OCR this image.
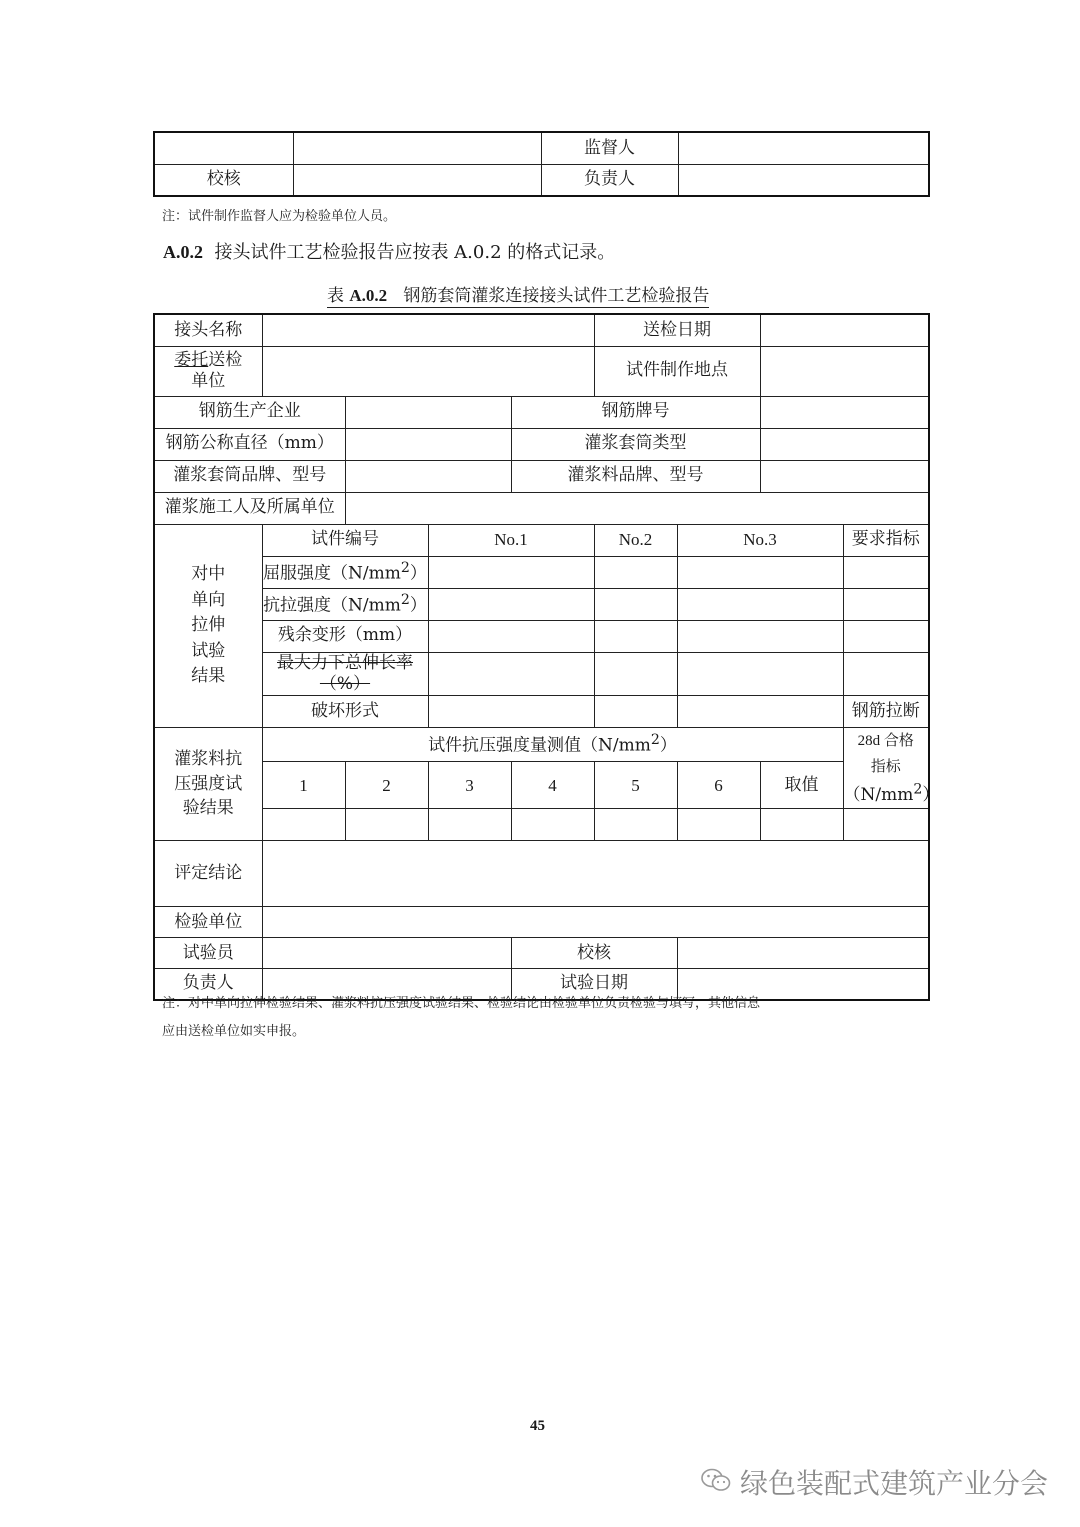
		监督人	
校核		负责人	
注：试件制作监督人应为检验单位人员。
A.0.2 接头试件工艺检验报告应按表 A.0.2 的格式记录。
表 A.0.2 钢筋套筒灌浆连接接头试件工艺检验报告
接头名称					送检日期			
委托送检
单位					试件制作地点			
钢筋生产企业				钢筋牌号				
钢筋公称直径（mm）				灌浆套筒类型				
灌浆套筒品牌、型号				灌浆料品牌、型号				
灌浆施工人及所属单位								
对中
单向
拉伸
试验
结果	试件编号		No.1		No.2	No.3		要求指标
	屈服强度$(N/mm^2)$							
	抗拉强度$(N/mm^2)$							
	残余变形（mm）							
	最大力下总伸长率（%）							
	破坏形式							钢筋拉断
灌浆料抗
压强度试
验结果	试件抗压强度量测值$(N/mm^2)$							28d 合格
指标
$(N/mm^2)$
	1	2	3	4	5	6	取值	

评定结论								
检验单位								
试验员				校核				
负责人				试验日期				
注：对中单向拉伸检验结果、灌浆料抗压强度试验结果、检验结论由检验单位负责检验与填写，其他信息
应由送检单位如实申报。
45
绿色装配式建筑产业分会
